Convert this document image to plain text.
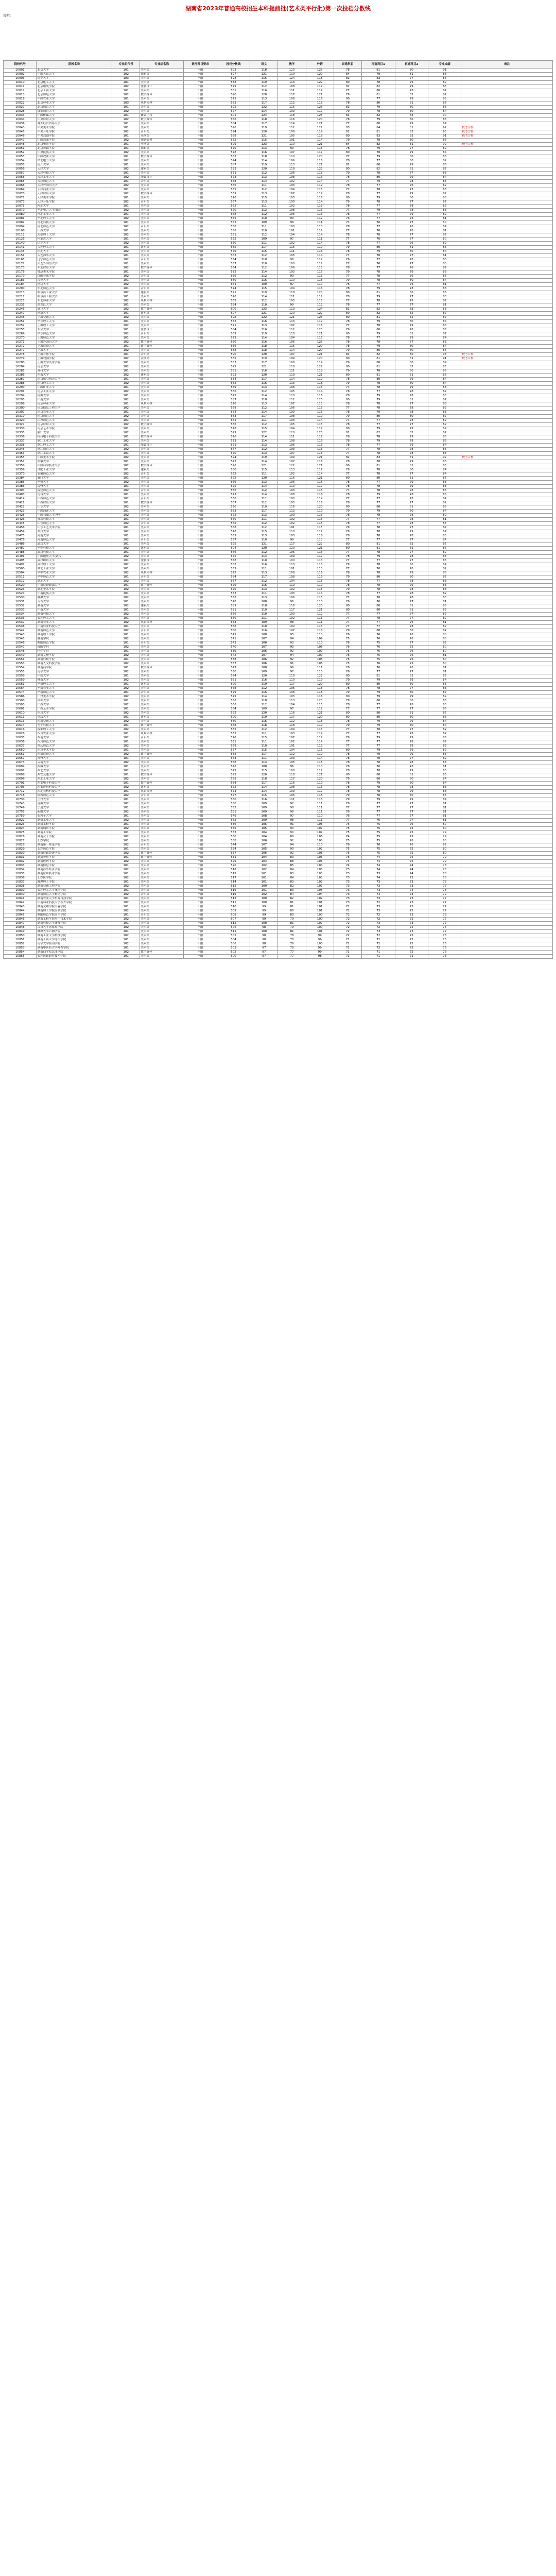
湖南省2023年普通高校招生本科提前批(艺术类平行批)第一次投档分数线

说明：

院校代号	院校名称	专业组代号	专业组名称	选考科目要求	投档分数线	语文	数学	外语	首选科目	再选科目1	再选科目2	专业成绩	备注
10001	北京大学	101	美术类	不限	603	118	120	123	78	81	80	91	
10002	中国人民大学	102	舞蹈类	不限	597	121	110	120	84	79	81	88	
10003	清华大学	103	美术类	不限	598	115	124	118	82	83	77	86	
10010	北京化工大学	101	美术类	不限	588	119	113	122	80	78	76	89	
10011	北京服装学院	102	服装设计	不限	579	112	108	117	81	82	79	85	
10012	北京工商大学	101	美术类	不限	581	116	111	119	77	80	78	84	
10013	北京邮电大学	102	数字媒体	不限	590	120	117	121	79	81	82	87	
10019	中国农业大学	101	美术类	不限	575	113	106	116	80	77	79	83	
10022	北京林业大学	103	风景园林	不限	583	117	112	118	78	80	81	86	
10027	北京师范大学	101	音乐类	不限	592	122	115	123	82	79	80	88	
10028	首都师范大学	102	美术类	不限	577	114	109	117	79	78	80	84	
10033	中国传媒大学	101	播音主持	不限	601	124	118	125	81	82	83	90	
10034	中央财经大学	102	数字媒体	不限	586	118	116	120	78	79	80	85	
10036	对外经济贸易大学	101	美术类	不限	584	117	114	121	77	80	79	84	
10043	中央美术学院	101	美术类	不限	596	119	112	122	83	84	81	92	校考合格
10045	中央音乐学院	102	音乐类	不限	594	120	108	119	82	81	83	93	校考合格
10046	中央戏剧学院	101	表演类	不限	589	121	105	118	80	83	82	91	校考合格
10047	中国戏曲学院	102	戏剧影视	不限	572	115	101	114	79	78	80	86	
10048	北京电影学院	101	导演类	不限	599	123	110	121	84	82	81	92	校考合格
10051	北京舞蹈学院	101	舞蹈类	不限	570	113	99	115	78	79	77	89	
10052	中央民族大学	102	美术类	不限	578	116	107	117	80	78	79	84	
10053	中国政法大学	101	数字媒体	不限	582	118	110	120	77	79	80	83	
10054	华北电力大学	102	美术类	不限	574	114	109	116	78	77	80	82	
10055	南开大学	101	美术类	不限	587	119	113	121	81	80	79	86	
10056	天津大学	102	建筑类	不限	593	120	119	122	80	82	81	87	
10057	天津科技大学	101	美术类	不限	571	112	106	115	79	78	77	83	
10058	天津工业大学	102	服装设计	不限	573	113	108	116	78	80	79	84	
10065	天津师范大学	101	音乐类	不限	568	114	102	114	77	79	78	85	
10068	天津外国语大学	102	美术类	不限	566	111	103	119	78	77	76	82	
10069	天津商业大学	101	美术类	不限	565	112	104	115	77	78	77	83	
10070	天津财经大学	102	数字媒体	不限	569	113	107	117	78	77	79	82	
10072	天津美术学院	101	美术类	不限	576	115	105	116	80	79	80	88	
10073	天津音乐学院	102	音乐类	不限	567	113	100	114	79	78	77	87	
10075	河北大学	101	美术类	不限	562	111	102	113	78	77	78	82	
10079	华北电力大学(保定)	102	美术类	不限	570	113	108	115	77	79	78	83	
10080	河北工业大学	101	美术类	不限	568	112	106	116	78	77	79	82	
10081	华北理工大学	102	美术类	不限	555	110	99	112	76	77	76	81	
10082	河北科技大学	101	美术类	不限	553	109	98	111	77	76	77	80	
10094	河北师范大学	102	音乐类	不限	558	111	100	113	78	77	76	84	
10108	山西大学	101	美术类	不限	556	110	101	112	77	76	78	81	
10112	太原理工大学	102	美术类	不限	561	112	104	114	76	78	77	82	
10126	内蒙古大学	101	美术类	不限	552	109	97	111	77	76	77	80	
10140	辽宁大学	102	美术类	不限	560	111	102	114	78	77	76	82	
10141	大连理工大学	101	建筑类	不限	585	117	115	119	79	80	81	85	
10145	东北大学	102	美术类	不限	579	115	111	118	78	79	80	84	
10151	大连海事大学	101	美术类	不限	563	112	105	114	77	78	77	81	
10165	辽宁师范大学	102	音乐类	不限	554	110	98	112	76	77	78	83	
10172	大连外国语大学	101	美术类	不限	557	110	100	117	77	76	77	80	
10173	东北财经大学	102	数字媒体	不限	564	112	106	115	78	77	76	82	
10176	鲁迅美术学院	101	美术类	不限	572	114	103	115	79	78	79	88	
10179	沈阳音乐学院	102	音乐类	不限	559	112	99	113	77	78	76	86	
10183	吉林大学	101	美术类	不限	580	116	110	118	79	78	80	84	
10184	延边大学	102	美术类	不限	551	109	97	110	76	77	76	81	
10200	东北师范大学	101	音乐类	不限	574	115	104	116	78	79	78	86	
10213	哈尔滨工业大学	102	建筑类	不限	591	119	118	120	80	81	80	86	
10217	哈尔滨工程大学	101	美术类	不限	576	114	111	117	78	79	77	83	
10225	东北林业大学	102	风景园林	不限	565	112	105	115	77	78	78	82	
10231	黑龙江大学	101	美术类	不限	554	110	99	112	76	77	77	81	
10246	复旦大学	102	数字媒体	不限	600	123	119	124	81	82	83	88	
10247	同济大学	101	建筑类	不限	597	121	120	122	80	82	82	87	
10248	上海交通大学	102	美术类	不限	598	122	121	123	80	81	82	87	
10251	华东理工大学	101	美术类	不限	582	116	113	119	78	79	80	84	
10252	上海理工大学	102	美术类	不限	571	113	107	116	77	78	79	83	
10255	东华大学	101	服装设计	不限	584	116	112	120	79	80	78	86	
10269	华东师范大学	102	音乐类	不限	589	119	110	121	80	79	81	87	
10270	上海师范大学	101	美术类	不限	573	114	104	117	78	77	79	84	
10271	上海外国语大学	102	数字媒体	不限	580	116	106	123	78	78	77	83	
10272	上海财经大学	101	数字媒体	不限	586	118	115	120	78	79	80	84	
10277	上海大学	102	美术类	不限	588	118	114	120	79	80	80	86	
10278	上海音乐学院	101	音乐类	不限	590	120	107	121	81	82	80	93	校考合格
10279	上海戏剧学院	102	表演类	不限	585	119	104	120	80	81	81	91	校考合格
10280	上海大学美术学院	101	美术类	不限	583	117	108	119	79	80	80	89	
10284	南京大学	102	美术类	不限	595	121	118	122	80	81	82	86	
10285	苏州大学	101	美术类	不限	581	116	111	118	79	78	80	85	
10286	东南大学	102	建筑类	不限	593	120	119	121	80	81	81	86	
10287	南京航空航天大学	101	美术类	不限	584	117	114	119	78	80	79	84	
10288	南京理工大学	102	美术类	不限	582	116	113	118	79	78	80	84	
10290	中国矿业大学	101	美术类	不限	569	113	106	115	77	78	79	83	
10291	南京工业大学	102	美术类	不限	566	112	105	114	78	77	78	82	
10294	河海大学	101	美术类	不限	575	114	110	116	78	79	78	83	
10295	江南大学	102	美术类	不限	587	118	112	120	80	79	81	87	
10298	南京林业大学	101	风景园林	不限	570	113	107	115	78	78	77	83	
10300	南京信息工程大学	102	美术类	不限	568	112	106	115	77	78	78	82	
10307	南京农业大学	101	美术类	不限	574	114	109	116	78	79	78	83	
10319	南京师范大学	102	音乐类	不限	583	117	108	119	79	80	80	87	
10320	江苏师范大学	101	美术类	不限	561	111	103	114	77	77	78	82	
10327	南京财经大学	102	数字媒体	不限	566	112	105	115	78	77	77	82	
10330	南京艺术学院	101	美术类	不限	578	115	104	117	80	79	79	89	
10335	浙江大学	102	美术类	不限	599	122	120	123	81	82	82	87	
10336	杭州电子科技大学	101	数字媒体	不限	576	114	111	117	78	78	79	83	
10337	浙江工业大学	102	美术类	不限	573	114	108	116	78	79	78	83	
10338	浙江理工大学	101	服装设计	不限	571	113	106	116	78	77	79	84	
10345	浙江师范大学	102	音乐类	不限	567	112	103	115	77	78	78	85	
10353	浙江工商大学	101	美术类	不限	570	113	107	116	77	78	78	83	
10355	中国美术学院	102	美术类	不限	594	119	109	121	82	83	81	92	校考合格
10357	安徽大学	101	美术类	不限	572	114	107	116	78	78	79	83	
10358	中国科学技术大学	102	数字媒体	不限	596	121	122	121	80	81	81	85	
10359	合肥工业大学	101	建筑类	不限	580	115	113	117	79	78	80	84	
10370	安徽师范大学	102	音乐类	不限	562	111	102	114	77	78	77	84	
10384	厦门大学	101	美术类	不限	592	120	116	121	80	80	81	86	
10385	华侨大学	102	美术类	不限	569	113	106	115	78	77	79	83	
10386	福州大学	101	美术类	不限	575	114	110	117	78	78	79	83	
10394	福建师范大学	102	音乐类	不限	566	112	103	115	77	78	78	85	
10403	南昌大学	101	美术类	不限	573	114	108	116	78	79	78	83	
10414	江西师范大学	102	音乐类	不限	560	111	100	114	77	77	78	84	
10421	江西财经大学	101	数字媒体	不限	567	112	105	116	78	77	77	82	
10422	山东大学	102	美术类	不限	590	119	116	120	80	80	81	85	
10423	中国海洋大学	101	美术类	不限	583	117	112	119	79	79	80	84	
10425	中国石油大学(华东)	102	美术类	不限	572	113	109	116	78	78	78	82	
10426	青岛科技大学	101	美术类	不限	560	111	102	113	77	77	78	81	
10445	山东师范大学	102	音乐类	不限	565	112	102	115	78	77	78	85	
10458	山东工艺美术学院	101	美术类	不限	568	112	101	115	79	78	77	87	
10459	郑州大学	102	美术类	不限	578	115	110	117	79	78	79	84	
10475	河南大学	101	美术类	不限	569	113	105	116	78	78	78	83	
10476	河南师范大学	102	音乐类	不限	557	110	99	113	77	77	77	84	
10486	武汉大学	101	美术类	不限	595	121	117	122	80	81	82	86	
10487	华中科技大学	102	建筑类	不限	594	120	119	121	80	81	81	86	
10488	武汉科技大学	101	美术类	不限	566	112	105	115	77	78	77	82	
10491	中国地质大学(武汉)	102	美术类	不限	575	114	109	117	78	79	78	83	
10495	武汉纺织大学	101	服装设计	不限	558	110	100	113	77	77	77	83	
10497	武汉理工大学	102	美术类	不限	582	116	113	118	79	78	80	84	
10500	湖北工业大学	101	美术类	不限	559	111	101	113	77	76	78	82	
10504	华中农业大学	102	风景园林	不限	572	113	108	116	78	78	79	83	
10511	华中师范大学	101	音乐类	不限	584	117	108	119	79	80	80	87	
10512	湖北大学	102	美术类	不限	567	112	104	115	78	77	78	83	
10520	中南财经政法大学	101	数字媒体	不限	579	116	110	119	78	78	79	83	
10523	湖北美术学院	102	美术类	不限	570	113	102	115	79	78	78	88	
10524	中南民族大学	101	美术类	不限	563	111	103	114	78	77	78	82	
10530	湘潭大学	102	美术类	不限	568	113	106	115	77	78	78	83	
10531	吉首大学	101	美术类	不限	548	108	96	110	76	76	77	81	
10532	湖南大学	102	建筑类	不限	589	118	116	120	80	80	81	85	
10533	中南大学	101	美术类	不限	591	119	117	121	80	80	81	85	
10534	湖南科技大学	102	美术类	不限	556	110	100	112	77	77	77	82	
10536	长沙理工大学	101	美术类	不限	560	111	102	113	77	78	77	82	
10537	湖南农业大学	102	风景园林	不限	553	109	98	111	77	77	76	81	
10538	中南林业科技大学	101	美术类	不限	558	110	100	113	77	77	78	82	
10542	湖南师范大学	102	音乐类	不限	580	116	107	118	79	80	80	87	
10543	湖南理工学院	101	美术类	不限	545	108	95	110	76	76	76	80	
10545	湘南学院	102	美术类	不限	541	107	94	109	75	76	76	80	
10546	衡阳师范学院	101	音乐类	不限	543	108	93	110	76	75	77	82	
10547	邵阳学院	102	美术类	不限	540	107	93	108	76	76	75	80	
10548	怀化学院	101	美术类	不限	539	106	92	109	75	76	76	80	
10549	湖南文理学院	102	美术类	不限	542	107	94	109	76	75	76	81	
10551	湖南科技学院	101	美术类	不限	538	106	92	108	75	75	76	80	
10553	湖南人文科技学院	102	美术类	不限	537	106	91	108	75	76	75	80	
10554	湖南商学院	101	数字媒体	不限	547	108	96	111	76	76	76	81	
10555	南华大学	102	美术类	不限	550	109	97	110	76	77	77	81	
10558	中山大学	101	美术类	不限	594	120	118	122	80	81	81	86	
10559	暨南大学	102	美术类	不限	581	116	110	119	79	79	79	84	
10561	华南理工大学	101	建筑类	不限	590	119	117	120	80	80	80	85	
10564	华南农业大学	102	美术类	不限	568	112	106	115	78	78	77	83	
10574	华南师范大学	101	音乐类	不限	579	116	106	118	79	79	80	87	
10586	广州美术学院	102	美术类	不限	575	114	103	116	80	79	79	89	
10590	深圳大学	101	美术类	不限	586	118	113	120	79	80	80	85	
10593	广西大学	102	美术类	不限	566	112	104	115	78	77	78	83	
10601	广西艺术学院	101	美术类	不限	554	109	97	112	77	77	77	86	
10610	四川大学	102	美术类	不限	592	120	116	121	80	80	81	86	
10611	重庆大学	101	建筑类	不限	590	119	117	120	80	80	80	85	
10613	西南交通大学	102	美术类	不限	580	116	112	118	78	79	79	84	
10614	电子科技大学	101	数字媒体	不限	588	118	118	119	79	79	80	84	
10616	成都理工大学	102	美术类	不限	565	112	104	115	77	78	77	82	
10626	四川农业大学	101	风景园林	不限	562	111	103	114	77	77	78	82	
10635	西南大学	102	音乐类	不限	578	115	107	117	79	79	79	86	
10636	四川师范大学	101	美术类	不限	561	111	102	114	77	77	78	82	
10637	重庆师范大学	102	美术类	不限	559	110	101	113	77	77	78	82	
10650	四川美术学院	101	美术类	不限	577	115	104	116	80	79	79	89	
10651	西南财经大学	102	数字媒体	不限	582	117	112	119	78	79	79	83	
10657	贵州大学	101	美术类	不限	563	111	103	114	78	78	77	82	
10673	云南大学	102	美术类	不限	568	113	105	115	78	78	78	83	
10694	西藏大学	101	美术类	不限	546	108	96	110	76	76	76	81	
10697	西北大学	102	美术类	不限	575	115	108	117	78	78	79	83	
10698	西安交通大学	101	数字媒体	不限	593	120	118	121	80	80	81	85	
10699	西北工业大学	102	美术类	不限	589	118	117	120	79	80	80	84	
10701	西安电子科技大学	101	数字媒体	不限	584	117	116	119	78	79	80	84	
10703	西安建筑科技大学	102	建筑类	不限	572	114	108	116	78	78	78	83	
10712	西北农林科技大学	101	风景园林	不限	574	114	109	117	78	78	79	83	
10718	陕西师范大学	102	音乐类	不限	577	115	106	118	79	78	80	86	
10730	兰州大学	101	美术类	不限	580	116	111	118	79	79	79	84	
10743	青海大学	102	美术类	不限	550	109	97	111	76	77	77	81	
10749	宁夏大学	101	美术类	不限	552	109	98	111	77	77	77	81	
10755	新疆大学	102	美术类	不限	551	109	98	111	76	77	77	81	
10759	石河子大学	101	美术类	不限	549	108	97	110	76	77	77	81	
10822	湖南工业大学	102	美术类	不限	552	109	98	111	77	76	77	81	
10823	湖南工程学院	101	美术类	不限	536	105	91	108	75	75	76	80	
10824	湖南城市学院	102	美术类	不限	535	105	90	107	75	75	75	80	
10825	湖南工学院	101	美术类	不限	533	104	90	107	75	75	75	79	
10826	湖南女子学院	102	美术类	不限	530	104	88	106	74	75	75	79	
10827	长沙学院	101	美术类	不限	538	106	92	108	75	75	76	80	
10828	湖南第一师范学院	102	音乐类	不限	544	107	94	110	76	76	76	82	
10829	长沙师范学院	101	美术类	不限	534	105	90	107	75	75	75	80	
10830	湖南财政经济学院	102	数字媒体	不限	537	106	92	108	75	75	75	80	
10831	湖南警察学院	101	数字媒体	不限	531	104	89	106	75	74	75	79	
10832	湖南医药学院	102	美术类	不限	529	104	88	106	74	74	75	79	
10833	湖南信息学院	101	美术类	不限	520	102	85	104	74	74	74	78	
10834	湖南涉外经济学院	102	美术类	不限	518	102	84	103	73	74	74	78	
10835	湖南应用技术学院	101	美术类	不限	515	101	83	103	73	73	74	78	
10836	长沙医学院	102	美术类	不限	517	101	84	103	73	74	73	78	
10837	湘潭理工学院	101	美术类	不限	514	101	83	102	73	73	73	78	
10838	湖南交通工程学院	102	美术类	不限	512	100	82	102	73	73	73	77	
10839	长沙理工大学城南学院	101	美术类	不限	516	101	83	103	73	73	74	78	
10840	湖南师范大学树达学院	102	音乐类	不限	519	102	84	104	73	74	74	79	
10841	湖南农业大学东方科技学院	101	美术类	不限	513	100	82	102	73	73	73	77	
10842	中南林业科技大学涉外学院	102	美术类	不限	511	100	81	101	73	72	73	77	
10843	湖南文理学院芙蓉学院	101	美术类	不限	510	99	81	101	72	73	73	77	
10844	湖南理工学院南湖学院	102	美术类	不限	509	99	80	101	72	73	72	77	
10845	衡阳师范学院南岳学院	101	音乐类	不限	508	99	80	100	72	72	73	78	
10846	湖南工程学院应用技术学院	102	美术类	不限	507	99	79	100	72	72	72	77	
10847	湖南科技大学潇湘学院	101	美术类	不限	512	100	81	102	72	73	73	77	
10848	吉首大学张家界学院	102	美术类	不限	506	98	79	100	72	72	72	76	
10849	湘潭大学兴湘学院	101	美术类	不限	511	100	81	101	72	73	73	77	
10850	湖南工业大学科技学院	102	美术类	不限	505	98	78	99	72	72	72	76	
10851	湖南工商大学北津学院	101	美术类	不限	504	98	78	99	71	72	72	76	
10852	南华大学船山学院	102	美术类	不限	506	98	79	100	72	72	72	76	
10853	湖南中医药大学湘杏学院	101	美术类	不限	503	97	78	99	71	72	72	76	
10854	湖南商学院北津学院	102	数字媒体	不限	502	97	77	99	71	71	72	76	
10855	长沙民政职业技术学院	101	美术类	不限	500	97	77	98	71	71	71	75	
